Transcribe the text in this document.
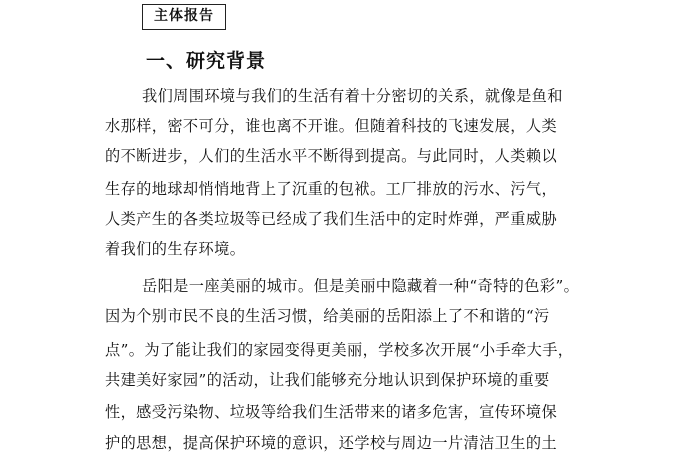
主体报告
一、研究背景
我们周围环境与我们的生活有着十分密切的关系，就像是鱼和
水那样，密不可分，谁也离不开谁。但随着科技的飞速发展，人类
的不断进步，人们的生活水平不断得到提高。与此同时，人类赖以
生存的地球却悄悄地背上了沉重的包袱。工厂排放的污水、污气，
人类产生的各类垃圾等已经成了我们生活中的定时炸弹，严重威胁
着我们的生存环境。
岳阳是一座美丽的城市。但是美丽中隐藏着一种“奇特的色彩”。
因为个别市民不良的生活习惯，给美丽的岳阳添上了不和谐的“污
点”。为了能让我们的家园变得更美丽，学校多次开展“小手牵大手，
共建美好家园”的活动，让我们能够充分地认识到保护环境的重要
性，感受污染物、垃圾等给我们生活带来的诸多危害，宣传环境保
护的思想，提高保护环境的意识，还学校与周边一片清洁卫生的土
